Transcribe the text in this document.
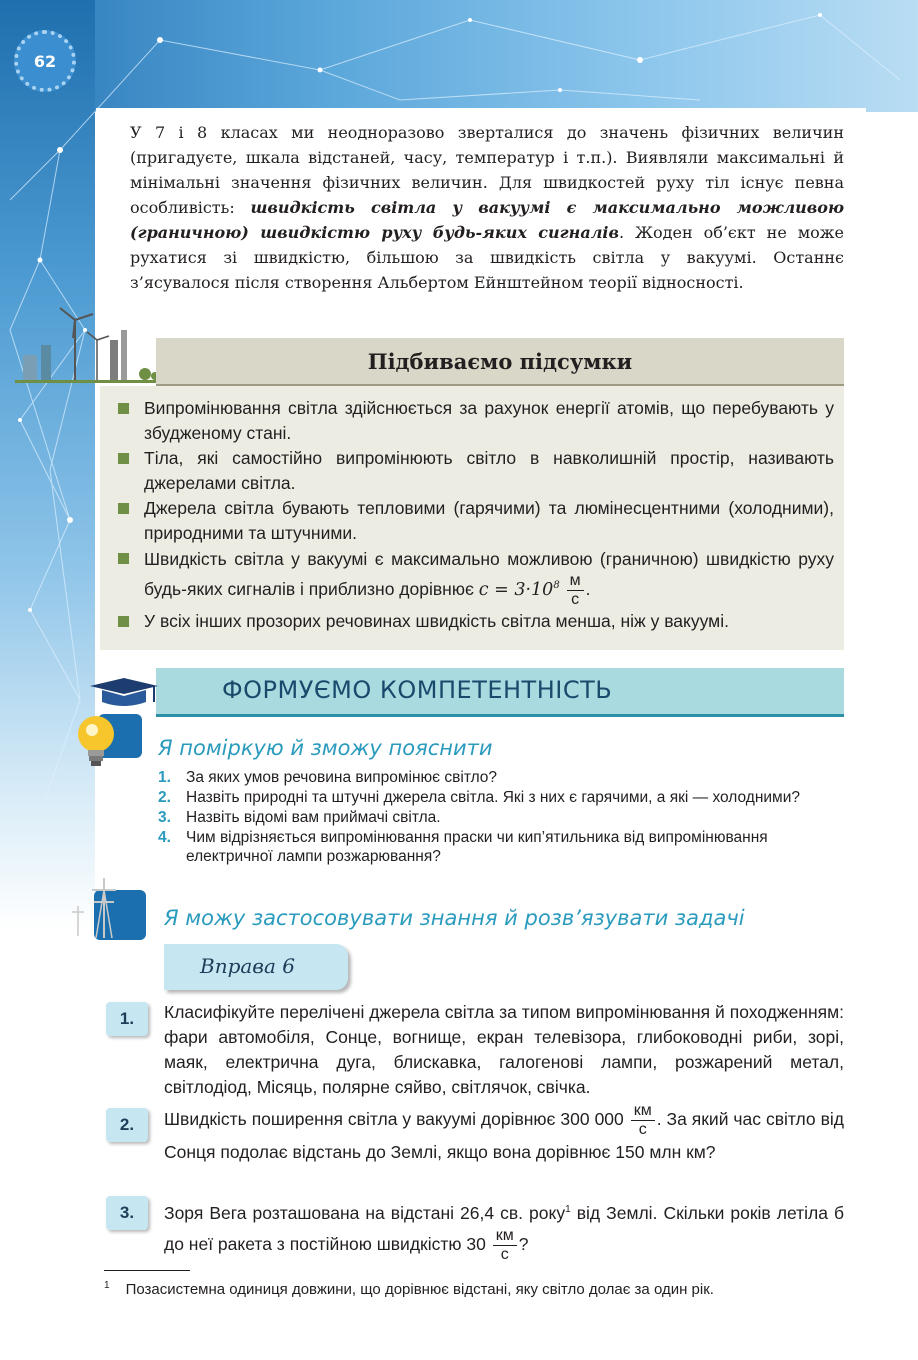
62

У 7 і 8 класах ми неодноразово зверталися до значень фізичних величин (пригадуєте, шкала відстаней, часу, температур і т.п.). Виявляли максимальні й мінімальні значення фізичних величин. Для швидкостей руху тіл існує певна особливість: швидкість світла у вакуумі є максимально можливою (граничною) швидкістю руху будь-яких сигналів. Жоден об’єкт не може рухатися зі швидкістю, більшою за швидкість світла у вакуумі. Останнє з’ясувалося після створення Альбертом Ейнштейном теорії відносності.

Підбиваємо підсумки
Випромінювання світла здійснюється за рахунок енергії атомів, що перебувають у збудженому стані.
Тіла, які самостійно випромінюють світло в навколишній простір, називають джерелами світла.
Джерела світла бувають тепловими (гарячими) та люмінесцентними (холодними), природними та штучними.
Швидкість світла у вакуумі є максимально можливою (граничною) швидкістю руху будь-яких сигналів і приблизно дорівнює $c = 3\cdot 10^8 \frac{м}{с}$ .
У всіх інших прозорих речовинах швидкість світла менша, ніж у вакуумі.
ФОРМУЄМО КОМПЕТЕНТНІСТЬ
Я поміркую й зможу пояснити
1. За яких умов речовина випромінює світло?
2. Назвіть природні та штучні джерела світла. Які з них є гарячими, а які — холодними?
3. Назвіть відомі вам приймачі світла.
4. Чим відрізняється випромінювання праски чи кип’ятильника від випромінювання електричної лампи розжарювання?
Я можу застосовувати знання й розв’язувати задачі
Вправа 6
1.	Класифікуйте перелічені джерела світла за типом випромінювання й походженням: фари автомобіля, Сонце, вогнище, екран телевізора, глибоководні риби, зорі, маяк, електрична дуга, блискавка, галогенові лампи, розжарений метал, світлодіод, Місяць, полярне сяйво, світлячок, свічка.
2.	Швидкість поширення світла у вакуумі дорівнює 300 $000 \frac{км}{с}$ . За який час світло від Сонця подолає відстань до Землі, якщо вона дорівнює 150 млн км?
3.	Зоря Вега розташована на відстані 26,4 св. року$^1$ від Землі. Скільки років летіла б до неї ракета з постійною швидкістю $30 \frac{км}{с}$ ?
$^1$ Позасистемна одиниця довжини, що дорівнює відстані, яку світло долає за один рік.
